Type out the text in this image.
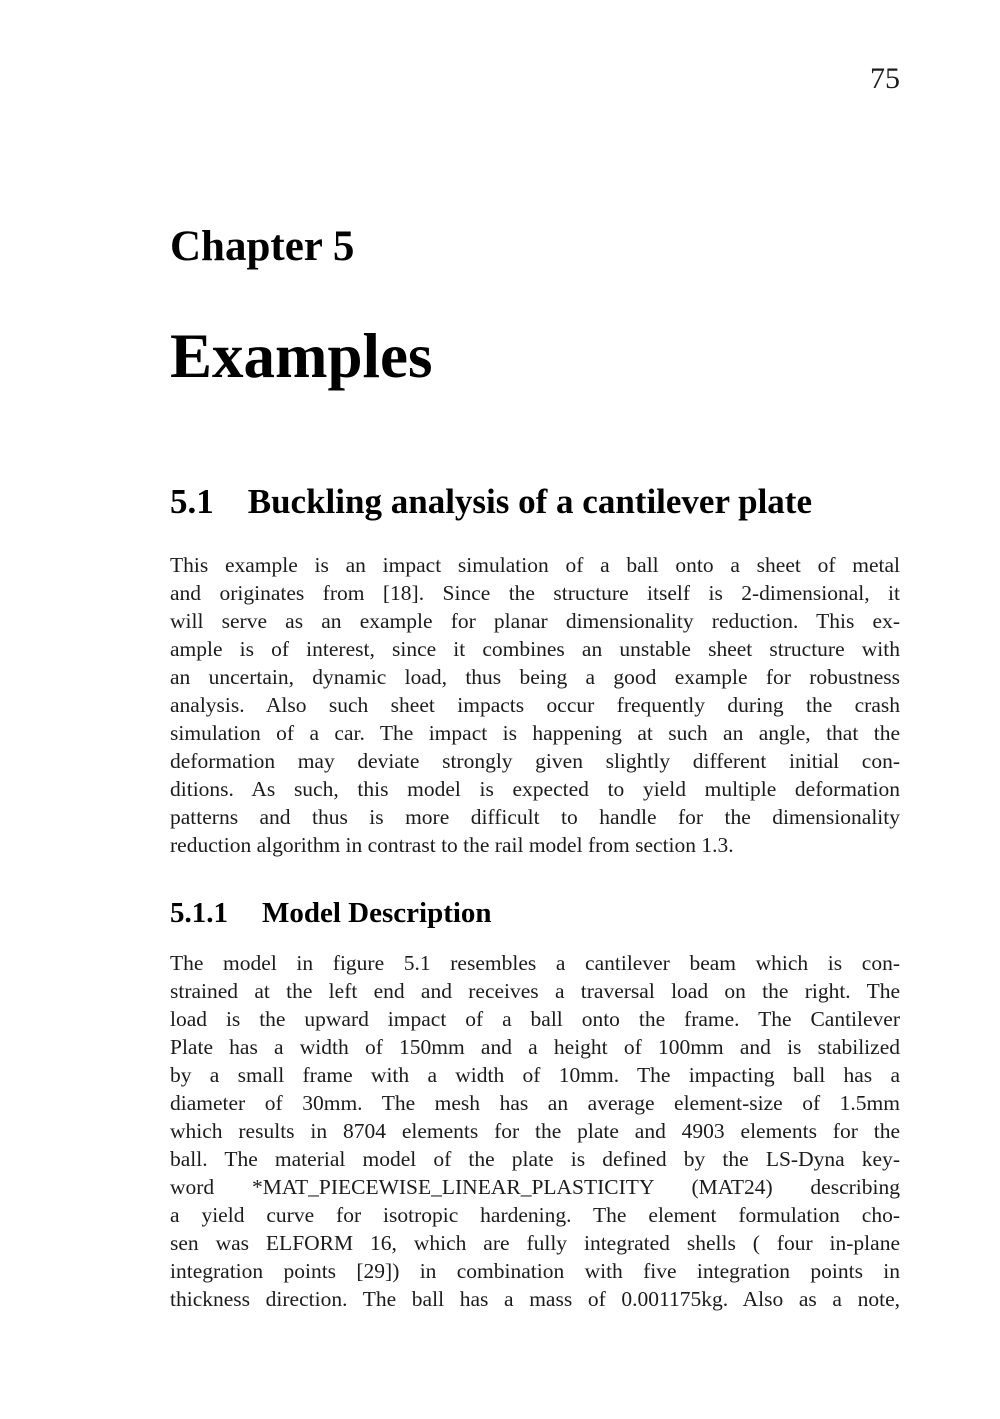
75
Chapter 5
Examples
5.1 Buckling analysis of a cantilever plate
This example is an impact simulation of a ball onto a sheet of metal
and originates from [18]. Since the structure itself is 2-dimensional, it
will serve as an example for planar dimensionality reduction. This ex-
ample is of interest, since it combines an unstable sheet structure with
an uncertain, dynamic load, thus being a good example for robustness
analysis. Also such sheet impacts occur frequently during the crash
simulation of a car. The impact is happening at such an angle, that the
deformation may deviate strongly given slightly different initial con-
ditions. As such, this model is expected to yield multiple deformation
patterns and thus is more difficult to handle for the dimensionality
reduction algorithm in contrast to the rail model from section 1.3.
5.1.1 Model Description
The model in figure 5.1 resembles a cantilever beam which is con-
strained at the left end and receives a traversal load on the right. The
load is the upward impact of a ball onto the frame. The Cantilever
Plate has a width of 150mm and a height of 100mm and is stabilized
by a small frame with a width of 10mm. The impacting ball has a
diameter of 30mm. The mesh has an average element-size of 1.5mm
which results in 8704 elements for the plate and 4903 elements for the
ball. The material model of the plate is defined by the LS-Dyna key-
word *MAT_PIECEWISE_LINEAR_PLASTICITY (MAT24) describing
a yield curve for isotropic hardening. The element formulation cho-
sen was ELFORM 16, which are fully integrated shells ( four in-plane
integration points [29]) in combination with five integration points in
thickness direction. The ball has a mass of 0.001175kg. Also as a note,
